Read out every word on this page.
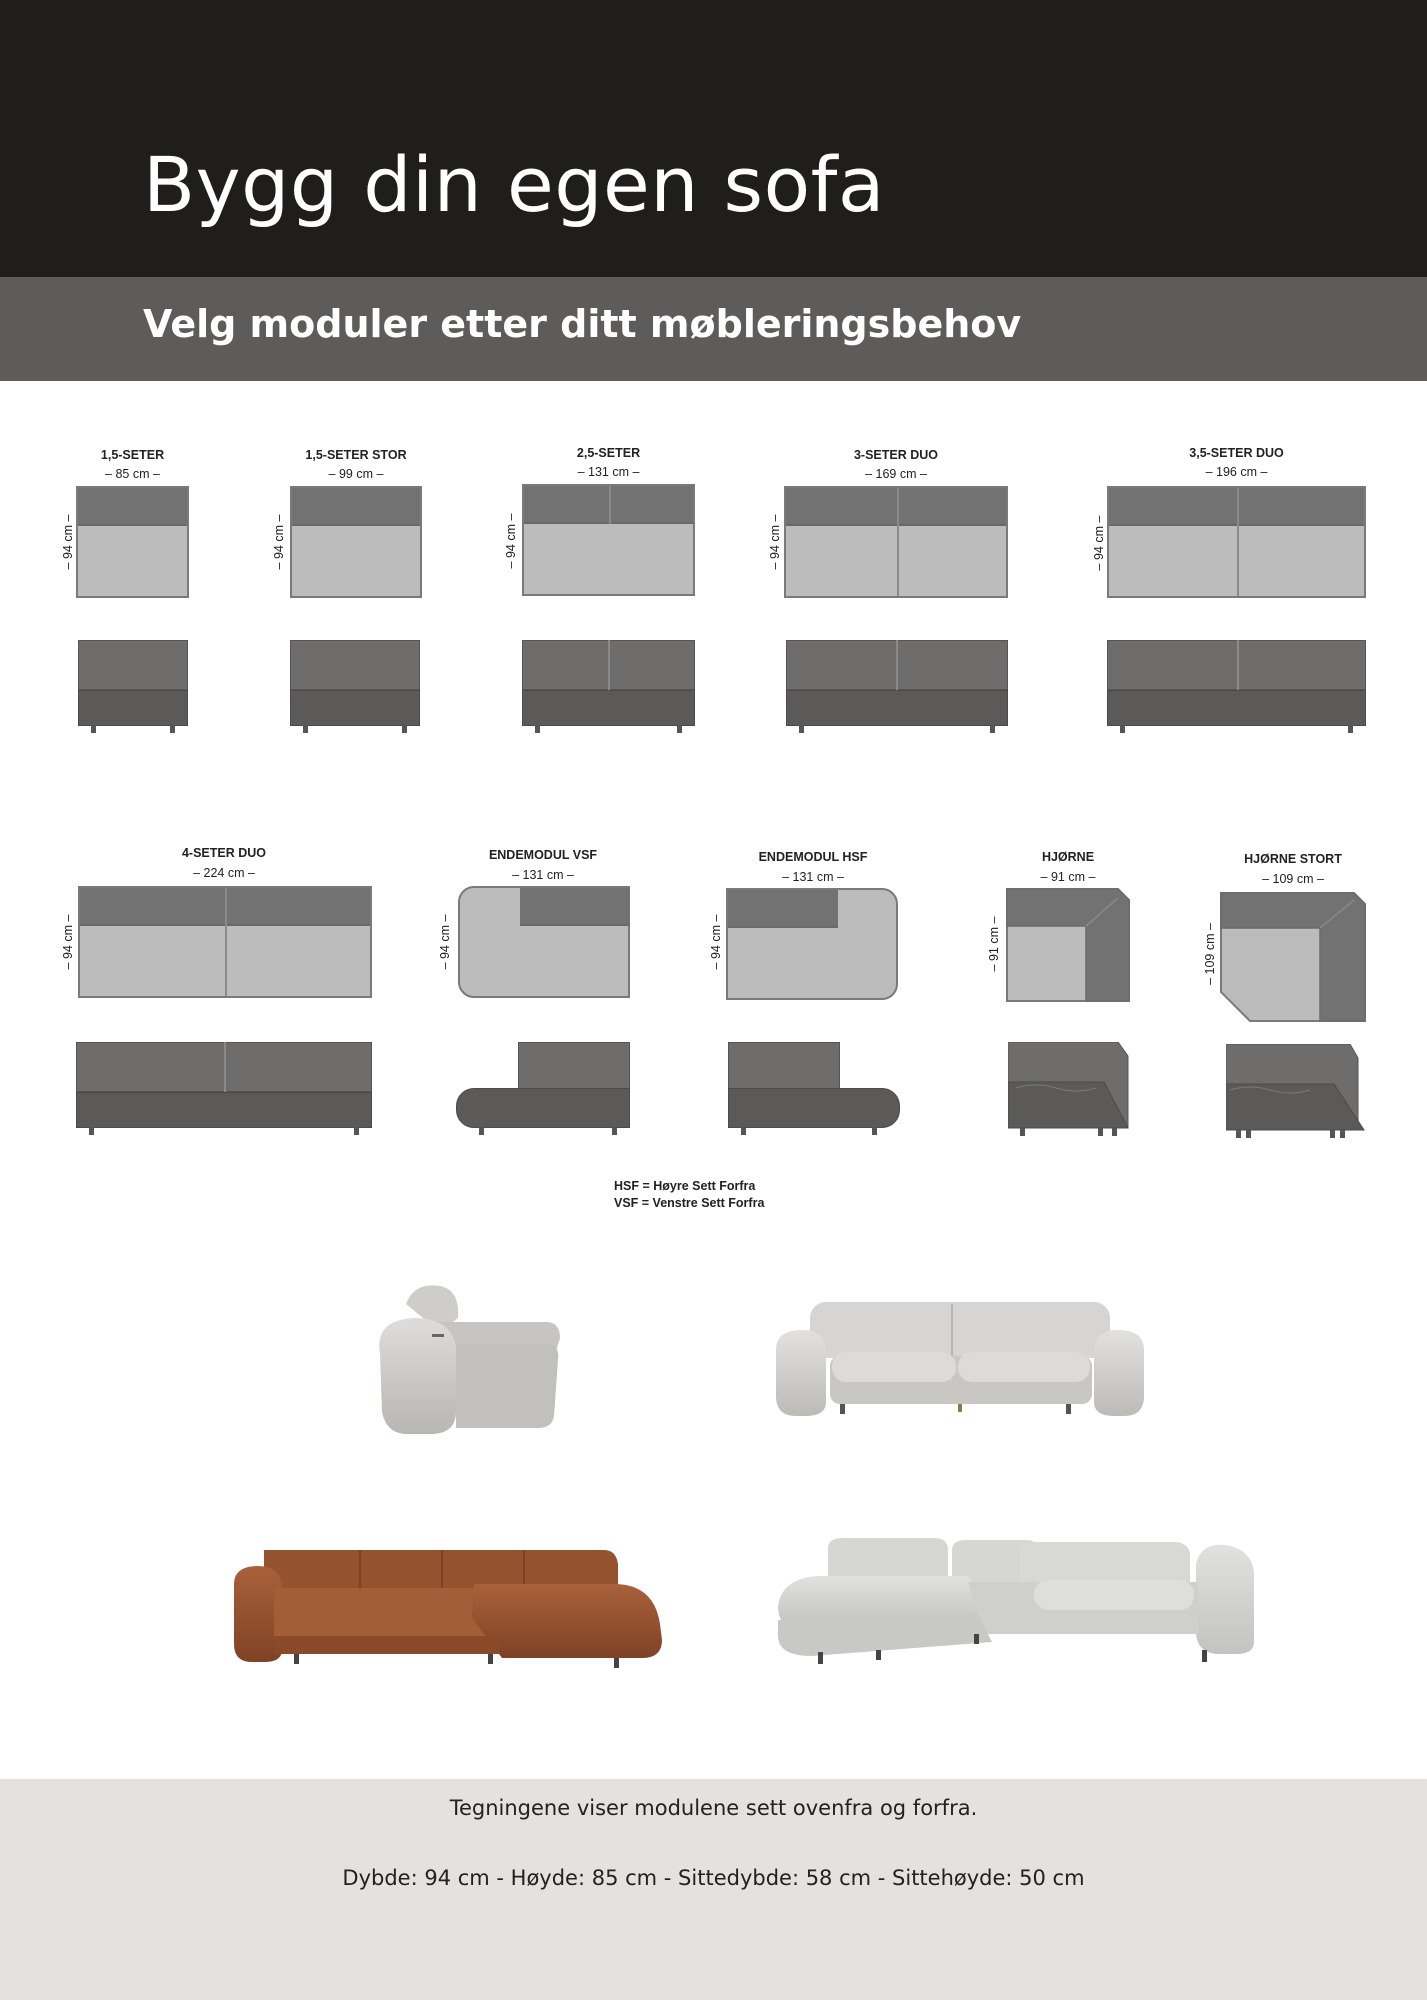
Bygg din egen sofa
Velg moduler etter ditt møbleringsbehov
1,5-SETER
– 85 cm –
– 94 cm –
1,5-SETER STOR
– 99 cm –
– 94 cm –
2,5-SETER
– 131 cm –
– 94 cm –
3-SETER DUO
– 169 cm –
– 94 cm –
3,5-SETER DUO
– 196 cm –
– 94 cm –
4-SETER DUO
– 224 cm –
– 94 cm –
ENDEMODUL VSF
– 131 cm –
– 94 cm –
ENDEMODUL HSF
– 131 cm –
– 94 cm –
HJØRNE
– 91 cm –
– 91 cm –
HJØRNE STORT
– 109 cm –
– 109 cm –
HSF = Høyre Sett Forfra
VSF = Venstre Sett Forfra

Tegningene viser modulene sett ovenfra og forfra.

Dybde: 94 cm - Høyde: 85 cm - Sittedybde: 58 cm - Sittehøyde: 50 cm
